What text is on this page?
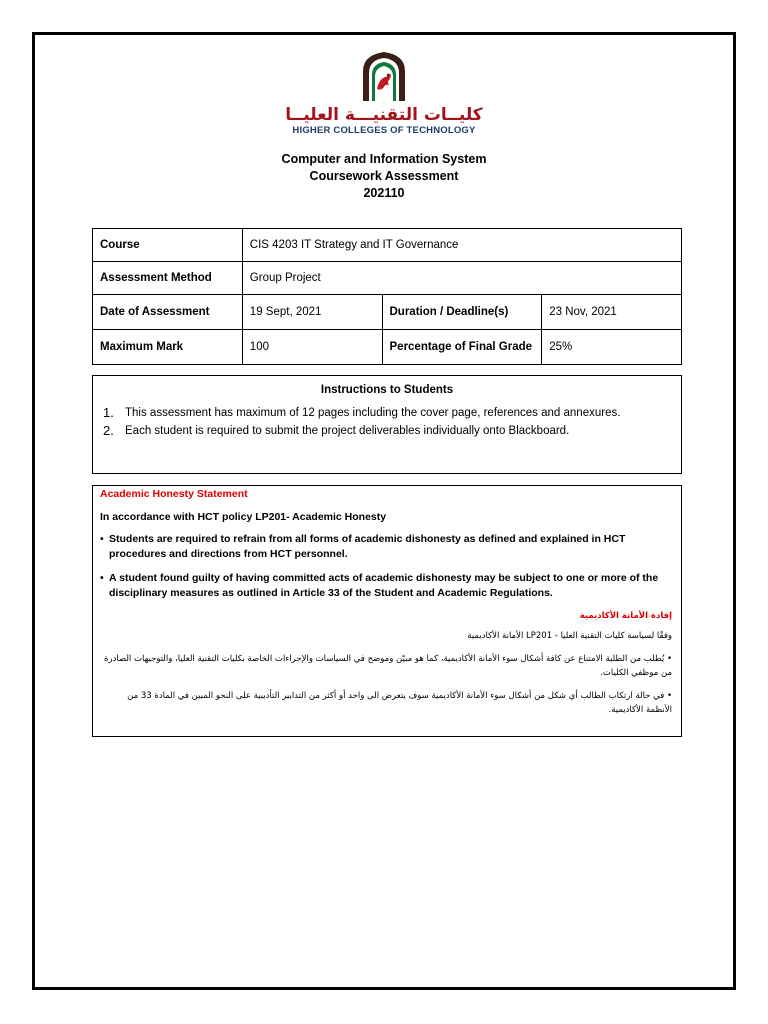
كليــات التقنيـــة العليــا
HIGHER COLLEGES OF TECHNOLOGY
Computer and Information System
Coursework Assessment
202110
Course	CIS 4203 IT Strategy and IT Governance		
Assessment Method	Group Project		
Date of Assessment	19 Sept, 2021	Duration / Deadline(s)	23 Nov, 2021
Maximum Mark	100	Percentage of Final Grade	25%
Instructions to Students
1. This assessment has maximum of 12 pages including the cover page, references and annexures.
2. Each student is required to submit the project deliverables individually onto Blackboard.
Academic Honesty Statement
In accordance with HCT policy LP201- Academic Honesty
• Students are required to refrain from all forms of academic dishonesty as defined and explained in HCT procedures and directions from HCT personnel.
• A student found guilty of having committed acts of academic dishonesty may be subject to one or more of the disciplinary measures as outlined in Article 33 of the Student and Academic Regulations.
إفادة الأمانة الأكاديمية
وفقًا لسياسة كليات التقنية العليا - LP201 الأمانة الأكاديمية
• يُطلب من الطلبة الامتناع عن كافة أشكال سوء الأمانة الأكاديمية، كما هو مبيّن وموضح في السياسات والإجراءات الخاصة بكليات التقنية العليا، والتوجيهات الصادرة من موظفي الكليات.
• في حالة ارتكاب الطالب أي شكل من أشكال سوء الأمانة الأكاديمية سوف يتعرض الى واحد أو أكثر من التدابير التأديبية على النحو المبين في المادة 33 من الأنظمة الأكاديمية.
